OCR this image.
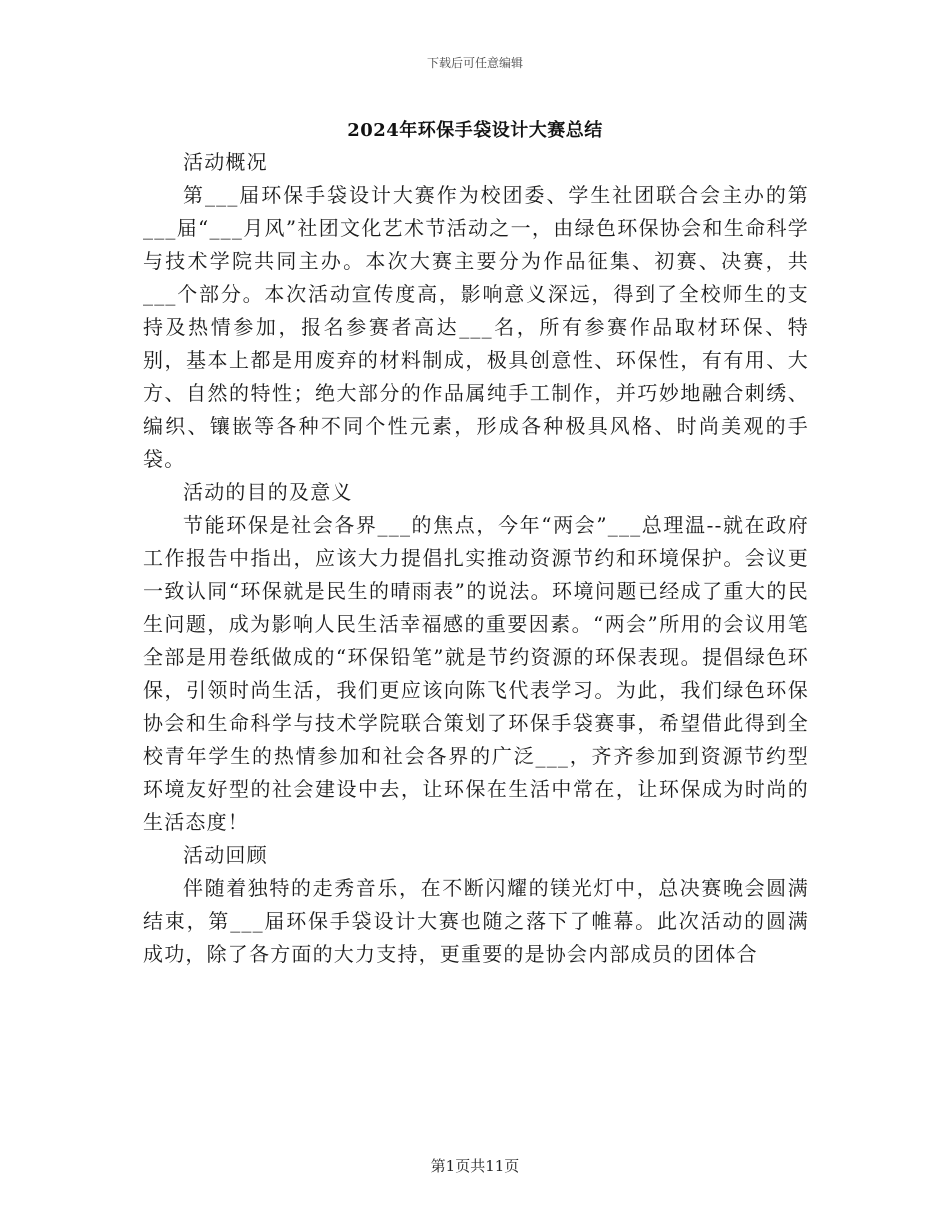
下载后可任意编辑
2024年环保手袋设计大赛总结

活动概况

第___届环保手袋设计大赛作为校团委、学生社团联合会主办的第___届“___月风”社团文化艺术节活动之一，由绿色环保协会和生命科学与技术学院共同主办。本次大赛主要分为作品征集、初赛、决赛，共___个部分。本次活动宣传度高，影响意义深远，得到了全校师生的支持及热情参加，报名参赛者高达___名，所有参赛作品取材环保、特别，基本上都是用废弃的材料制成，极具创意性、环保性，有有用、大方、自然的特性；绝大部分的作品属纯手工制作，并巧妙地融合刺绣、编织、镶嵌等各种不同个性元素，形成各种极具风格、时尚美观的手袋。

活动的目的及意义

节能环保是社会各界___的焦点，今年“两会”___总理温--就在政府工作报告中指出，应该大力提倡扎实推动资源节约和环境保护。会议更一致认同“环保就是民生的晴雨表”的说法。环境问题已经成了重大的民生问题，成为影响人民生活幸福感的重要因素。“两会”所用的会议用笔全部是用卷纸做成的“环保铅笔”就是节约资源的环保表现。提倡绿色环保，引领时尚生活，我们更应该向陈飞代表学习。为此，我们绿色环保协会和生命科学与技术学院联合策划了环保手袋赛事，希望借此得到全校青年学生的热情参加和社会各界的广泛___，齐齐参加到资源节约型环境友好型的社会建设中去，让环保在生活中常在，让环保成为时尚的生活态度！

活动回顾

伴随着独特的走秀音乐，在不断闪耀的镁光灯中，总决赛晚会圆满结束，第___届环保手袋设计大赛也随之落下了帷幕。此次活动的圆满成功，除了各方面的大力支持，更重要的是协会内部成员的团体合

第1页共11页
